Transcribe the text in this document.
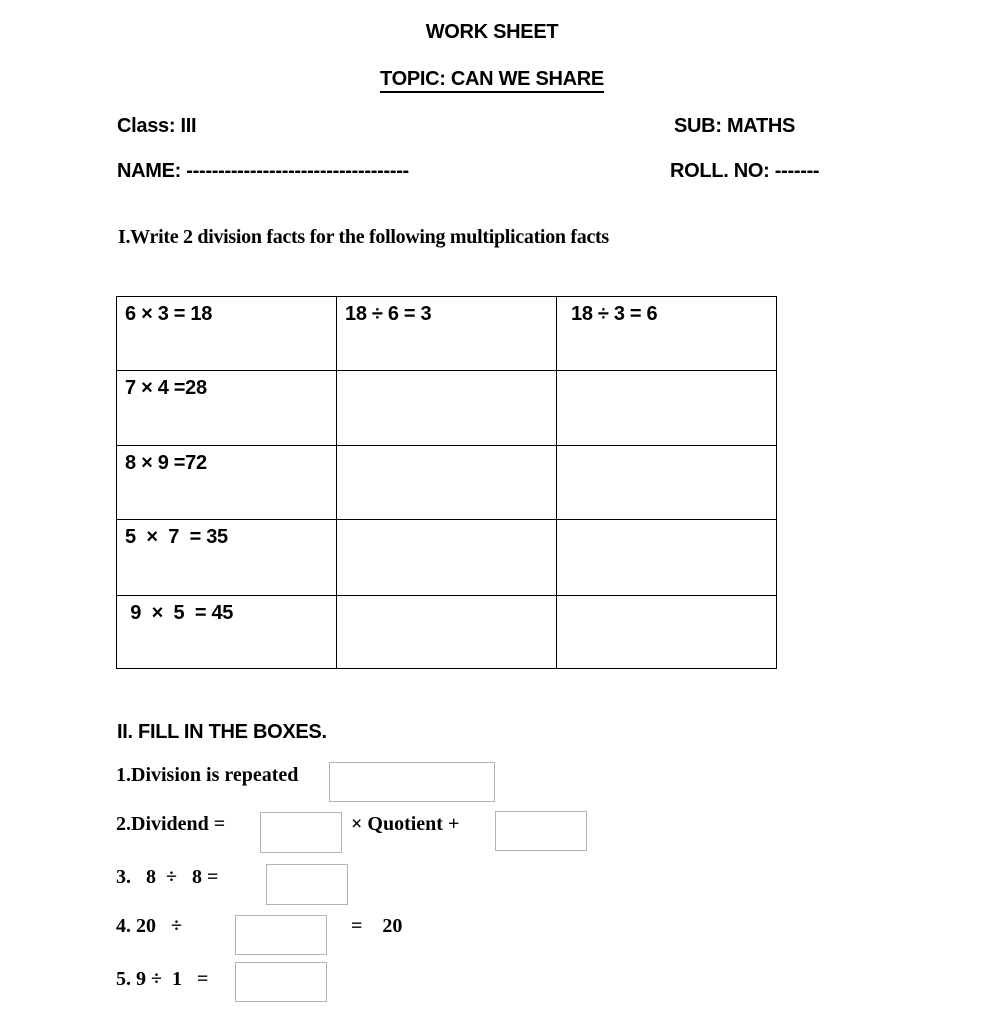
WORK SHEET
TOPIC: CAN WE SHARE
Class: III	SUB: MATHS
NAME: -----------------------------------	ROLL. NO: -------
I.Write 2 division facts for the following multiplication facts
6 × 3 = 18	18 ÷ 6 = 3	18 ÷ 3 = 6

7 × 4 =28		

8 × 9 =72		

5  ×  7  = 35		

9  ×  5  = 45		

II. FILL IN THE BOXES.
1.Division is repeated
2.Dividend =	× Quotient +
3.   8  ÷   8 =
4. 20   ÷	=    20
5. 9 ÷  1   =
